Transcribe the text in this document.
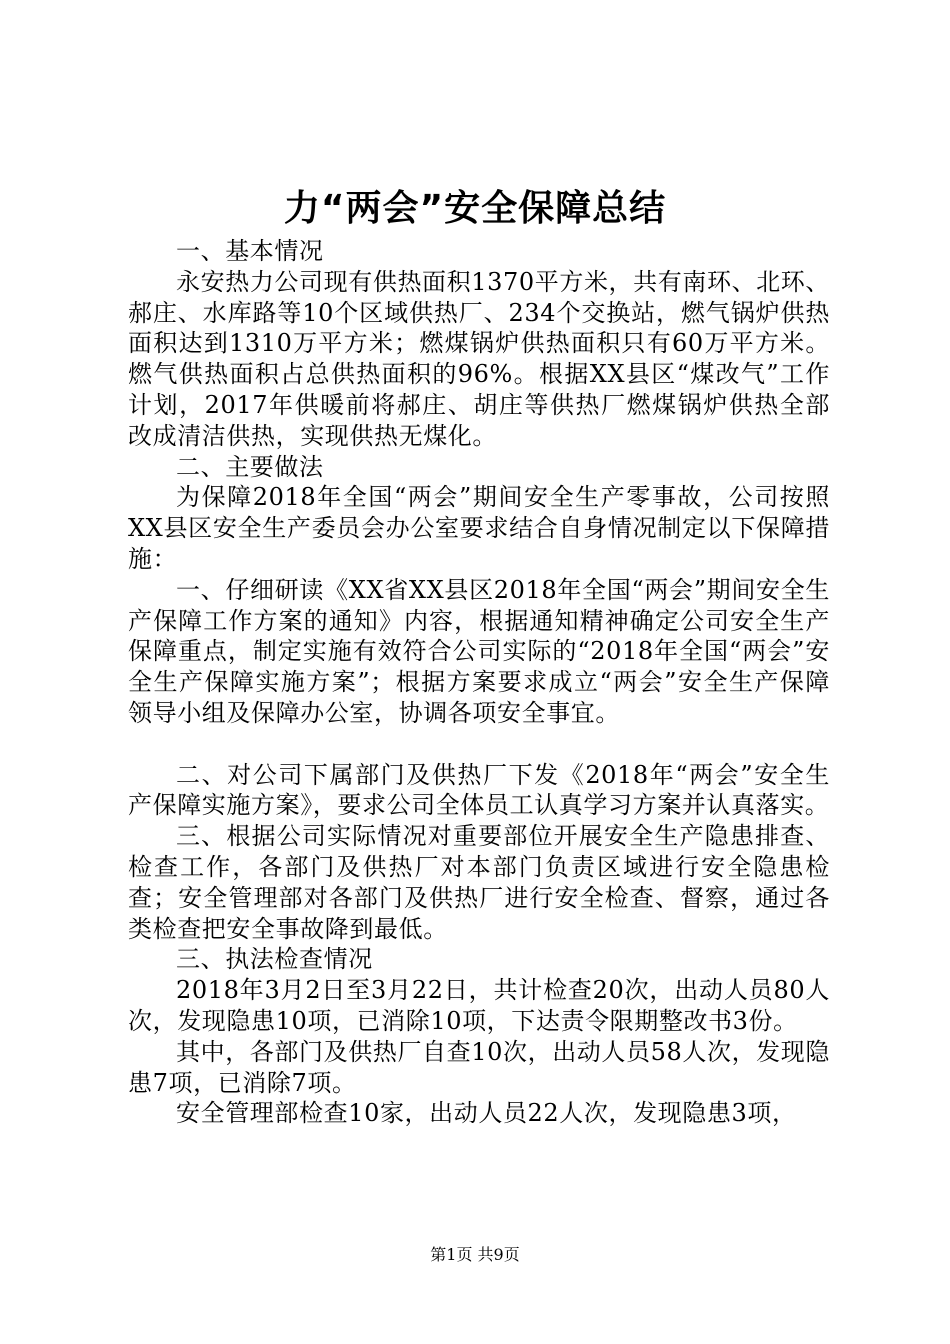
力“两会”安全保障总结

一、基本情况

永安热力公司现有供热面积1370平方米，共有南环、北环、郝庄、水库路等10个区域供热厂、234个交换站，燃气锅炉供热面积达到1310万平方米；燃煤锅炉供热面积只有60万平方米。燃气供热面积占总供热面积的96%。根据XX县区“煤改气”工作计划，2017年供暖前将郝庄、胡庄等供热厂燃煤锅炉供热全部改成清洁供热，实现供热无煤化。

二、主要做法

为保障2018年全国“两会”期间安全生产零事故，公司按照XX县区安全生产委员会办公室要求结合自身情况制定以下保障措施：

一、仔细研读《XX省XX县区2018年全国“两会”期间安全生产保障工作方案的通知》内容，根据通知精神确定公司安全生产保障重点，制定实施有效符合公司实际的“2018年全国“两会”安全生产保障实施方案”；根据方案要求成立“两会”安全生产保障领导小组及保障办公室，协调各项安全事宜。

二、对公司下属部门及供热厂下发《2018年“两会”安全生产保障实施方案》，要求公司全体员工认真学习方案并认真落实。

三、根据公司实际情况对重要部位开展安全生产隐患排查、检查工作，各部门及供热厂对本部门负责区域进行安全隐患检查；安全管理部对各部门及供热厂进行安全检查、督察，通过各类检查把安全事故降到最低。

三、执法检查情况

2018年3月2日至3月22日，共计检查20次，出动人员80人次，发现隐患10项，已消除10项，下达责令限期整改书3份。

其中，各部门及供热厂自查10次，出动人员58人次，发现隐患7项，已消除7项。

安全管理部检查10家，出动人员22人次，发现隐患3项，

第1页 共9页
